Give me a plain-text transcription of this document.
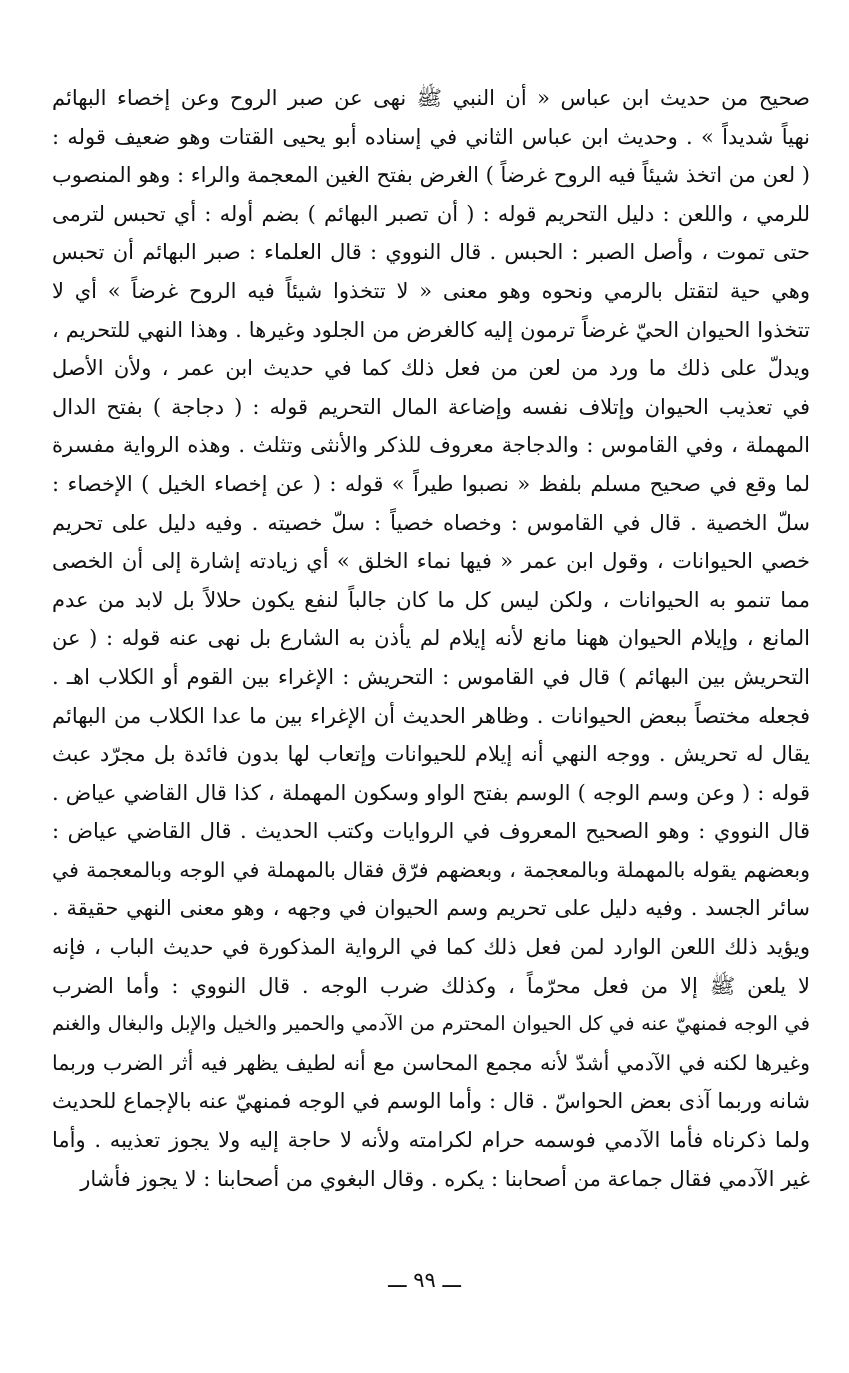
صحيح من حديث ابن عباس « أن النبي ﷺ نهى عن صبر الروح وعن إخصاء البهائم
نهياً شديداً » . وحديث ابن عباس الثاني في إسناده أبو يحيى القتات وهو ضعيف قوله :
( لعن من اتخذ شيئاً فيه الروح غرضاً ) الغرض بفتح الغين المعجمة والراء : وهو المنصوب
للرمي ، واللعن : دليل التحريم قوله : ( أن تصبر البهائم ) بضم أوله : أي تحبس لترمى
حتى تموت ، وأصل الصبر : الحبس . قال النووي : قال العلماء : صبر البهائم أن تحبس
وهي حية لتقتل بالرمي ونحوه وهو معنى « لا تتخذوا شيئاً فيه الروح غرضاً » أي لا
تتخذوا الحيوان الحيّ غرضاً ترمون إليه كالغرض من الجلود وغيرها . وهذا النهي للتحريم ،
ويدلّ على ذلك ما ورد من لعن من فعل ذلك كما في حديث ابن عمر ، ولأن الأصل
في تعذيب الحيوان وإتلاف نفسه وإضاعة المال التحريم قوله : ( دجاجة ) بفتح الدال
المهملة ، وفي القاموس : والدجاجة معروف للذكر والأنثى وتثلث . وهذه الرواية مفسرة
لما وقع في صحيح مسلم بلفظ « نصبوا طيراً » قوله : ( عن إخصاء الخيل ) الإخصاء :
سلّ الخصية . قال في القاموس : وخصاه خصياً : سلّ خصيته . وفيه دليل على تحريم
خصي الحيوانات ، وقول ابن عمر « فيها نماء الخلق » أي زيادته إشارة إلى أن الخصى
مما تنمو به الحيوانات ، ولكن ليس كل ما كان جالباً لنفع يكون حلالاً بل لابد من عدم
المانع ، وإيلام الحيوان ههنا مانع لأنه إيلام لم يأذن به الشارع بل نهى عنه قوله : ( عن
التحريش بين البهائم ) قال في القاموس : التحريش : الإغراء بين القوم أو الكلاب اهـ .
فجعله مختصاً ببعض الحيوانات . وظاهر الحديث أن الإغراء بين ما عدا الكلاب من البهائم
يقال له تحريش . ووجه النهي أنه إيلام للحيوانات وإتعاب لها بدون فائدة بل مجرّد عبث
قوله : ( وعن وسم الوجه ) الوسم بفتح الواو وسكون المهملة ، كذا قال القاضي عياض .
قال النووي : وهو الصحيح المعروف في الروايات وكتب الحديث . قال القاضي عياض :
وبعضهم يقوله بالمهملة وبالمعجمة ، وبعضهم فرّق فقال بالمهملة في الوجه وبالمعجمة في
سائر الجسد . وفيه دليل على تحريم وسم الحيوان في وجهه ، وهو معنى النهي حقيقة .
ويؤيد ذلك اللعن الوارد لمن فعل ذلك كما في الرواية المذكورة في حديث الباب ، فإنه
لا يلعن ﷺ إلا من فعل محرّماً ، وكذلك ضرب الوجه . قال النووي : وأما الضرب
في الوجه فمنهيّ عنه في كل الحيوان المحترم من الآدمي والحمير والخيل والإبل والبغال والغنم
وغيرها لكنه في الآدمي أشدّ لأنه مجمع المحاسن مع أنه لطيف يظهر فيه أثر الضرب وربما
شانه وربما آذى بعض الحواسّ . قال : وأما الوسم في الوجه فمنهيّ عنه بالإجماع للحديث
ولما ذكرناه فأما الآدمي فوسمه حرام لكرامته ولأنه لا حاجة إليه ولا يجوز تعذيبه . وأما
غير الآدمي فقال جماعة من أصحابنا : يكره . وقال البغوي من أصحابنا : لا يجوز فأشار
ـــ ٩٩ ـــ
